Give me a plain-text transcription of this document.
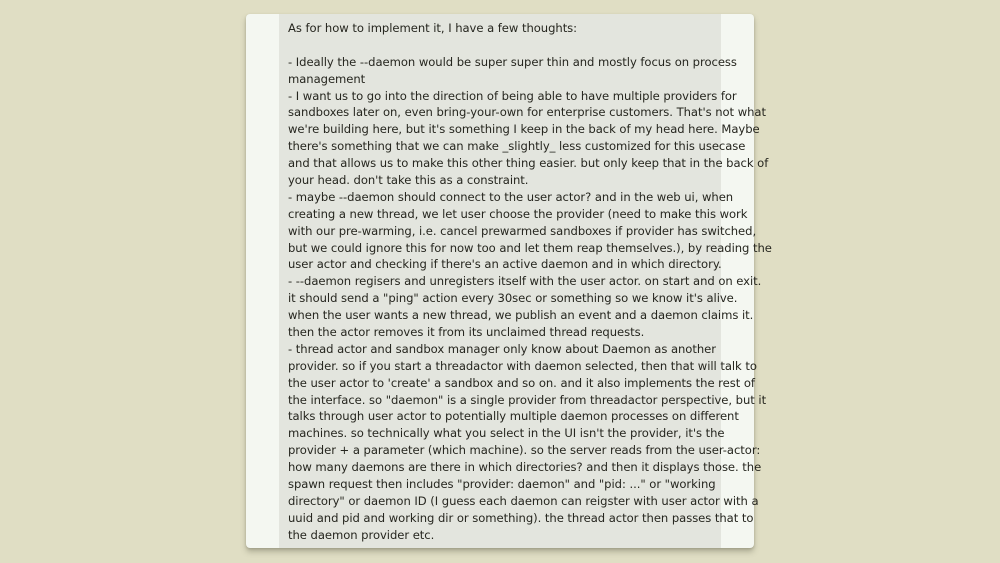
As for how to implement it, I have a few thoughts:
- Ideally the --daemon would be super super thin and mostly focus on process
management
- I want us to go into the direction of being able to have multiple providers for
sandboxes later on, even bring-your-own for enterprise customers. That's not what
we're building here, but it's something I keep in the back of my head here. Maybe
there's something that we can make _slightly_ less customized for this usecase
and that allows us to make this other thing easier. but only keep that in the back of
your head. don't take this as a constraint.
- maybe --daemon should connect to the user actor? and in the web ui, when
creating a new thread, we let user choose the provider (need to make this work
with our pre-warming, i.e. cancel prewarmed sandboxes if provider has switched,
but we could ignore this for now too and let them reap themselves.), by reading the
user actor and checking if there's an active daemon and in which directory.
- --daemon regisers and unregisters itself with the user actor. on start and on exit.
it should send a "ping" action every 30sec or something so we know it's alive.
when the user wants a new thread, we publish an event and a daemon claims it.
then the actor removes it from its unclaimed thread requests.
- thread actor and sandbox manager only know about Daemon as another
provider. so if you start a threadactor with daemon selected, then that will talk to
the user actor to 'create' a sandbox and so on. and it also implements the rest of
the interface. so "daemon" is a single provider from threadactor perspective, but it
talks through user actor to potentially multiple daemon processes on different
machines. so technically what you select in the UI isn't the provider, it's the
provider + a parameter (which machine). so the server reads from the user-actor:
how many daemons are there in which directories? and then it displays those. the
spawn request then includes "provider: daemon" and "pid: ..." or "working
directory" or daemon ID (I guess each daemon can reigster with user actor with a
uuid and pid and working dir or something). the thread actor then passes that to
the daemon provider etc.
